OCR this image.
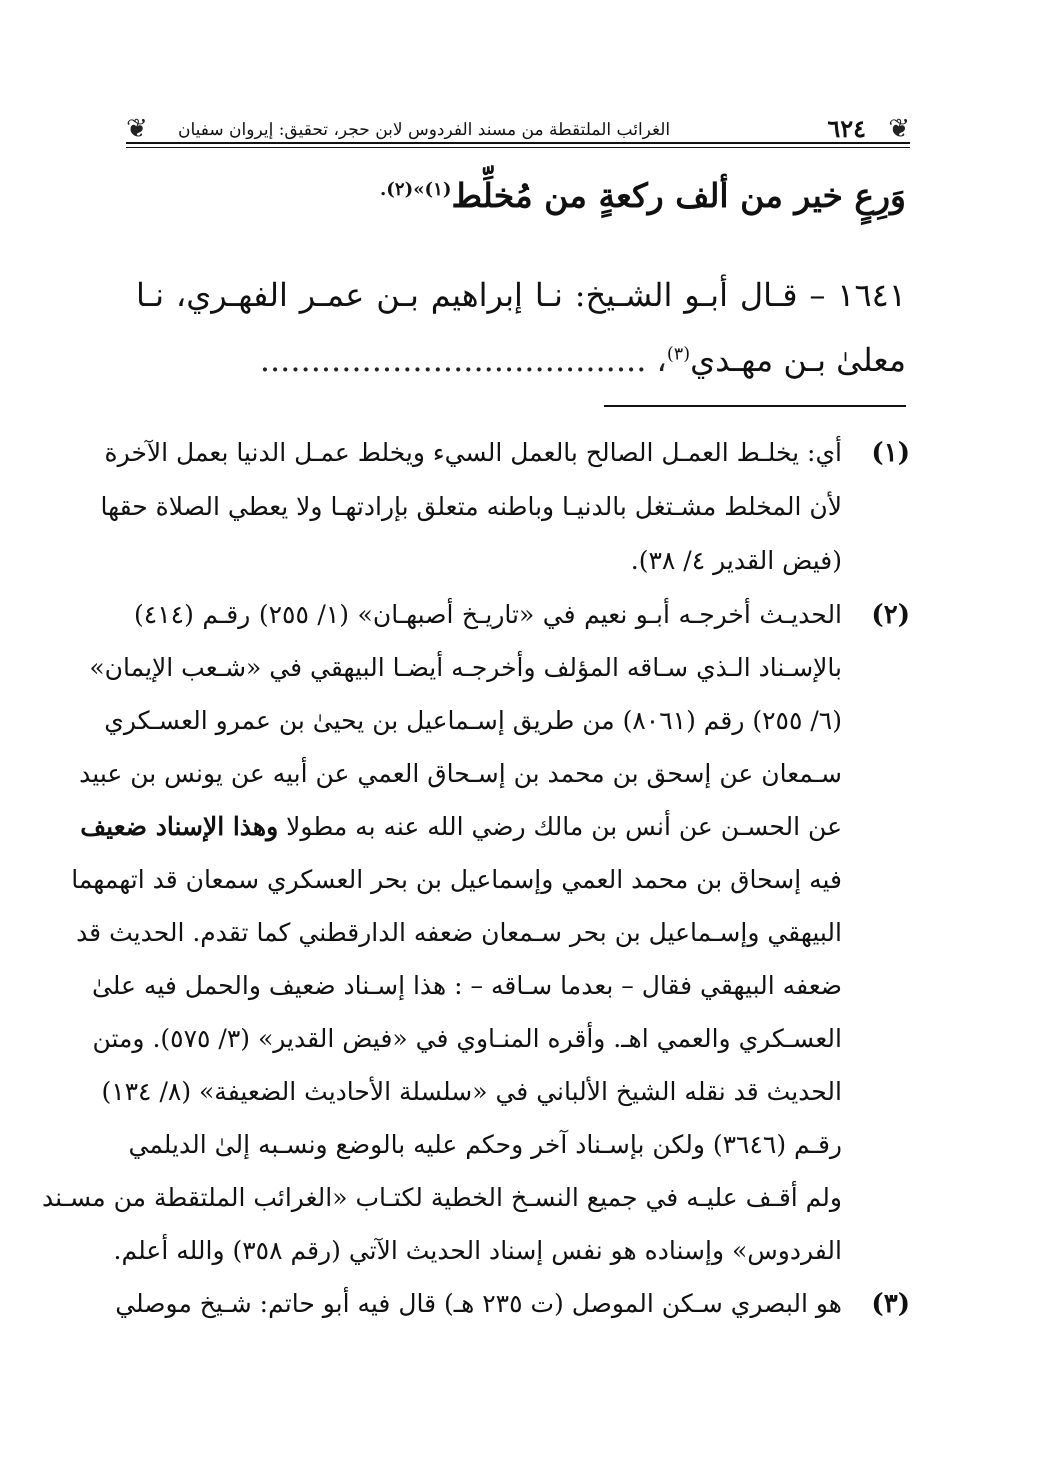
❦
٦٢٤
الغرائب الملتقطة من مسند الفردوس لابن حجر، تحقيق: إيروان سفيان
❦
وَرِعٍ خير من ألف ركعةٍ من مُخلِّط$^{(١)»(٢).}$
١٦٤١ – قـال أبـو الشـيخ: نـا إبراهيم بـن عمـر الفهـري، نـا
معلىٰ بـن مهـدي$^{(٣)}$، ......................................
(١)
أي: يخلـط العمـل الصالح بالعمل السيء ويخلط عمـل الدنيا بعمل الآخرة
لأن المخلط مشـتغل بالدنيـا وباطنه متعلق بإرادتهـا ولا يعطي الصلاة حقها
(فيض القدير ٤/ ٣٨).
(٢)
الحديـث أخرجـه أبـو نعيم في «تاريـخ أصبهـان» (١/ ٢٥٥) رقـم (٤١٤)
بالإسـناد الـذي سـاقه المؤلف وأخرجـه أيضـا البيهقي في «شـعب الإيمان»
(٦/ ٢٥٥) رقم (٨٠٦١) من طريق إسـماعيل بن يحيىٰ بن عمرو العسـكري
سـمعان عن إسحق بن محمد بن إسـحاق العمي عن أبيه عن يونس بن عبيد
عن الحسـن عن أنس بن مالك رضي الله عنه به مطولا وهذا الإسناد ضعيف
فيه إسحاق بن محمد العمي وإسماعيل بن بحر العسكري سمعان قد اتهمهما
البيهقي وإسـماعيل بن بحر سـمعان ضعفه الدارقطني كما تقدم. الحديث قد
ضعفه البيهقي فقال – بعدما سـاقه – : هذا إسـناد ضعيف والحمل فيه علىٰ
العسـكري والعمي اهـ. وأقره المنـاوي في «فيض القدير» (٣/ ٥٧٥). ومتن
الحديث قد نقله الشيخ الألباني في «سلسلة الأحاديث الضعيفة» (٨/ ١٣٤)
رقـم (٣٦٤٦) ولكن بإسـناد آخر وحكم عليه بالوضع ونسـبه إلىٰ الديلمي
ولم أقـف عليـه في جميع النسـخ الخطية لكتـاب «الغرائب الملتقطة من مسـند
الفردوس» وإسناده هو نفس إسناد الحديث الآتي (رقم ٣٥٨) والله أعلم.
(٣)
هو البصري سـكن الموصل (ت ٢٣٥ هـ) قال فيه أبو حاتم: شـيخ موصلي
